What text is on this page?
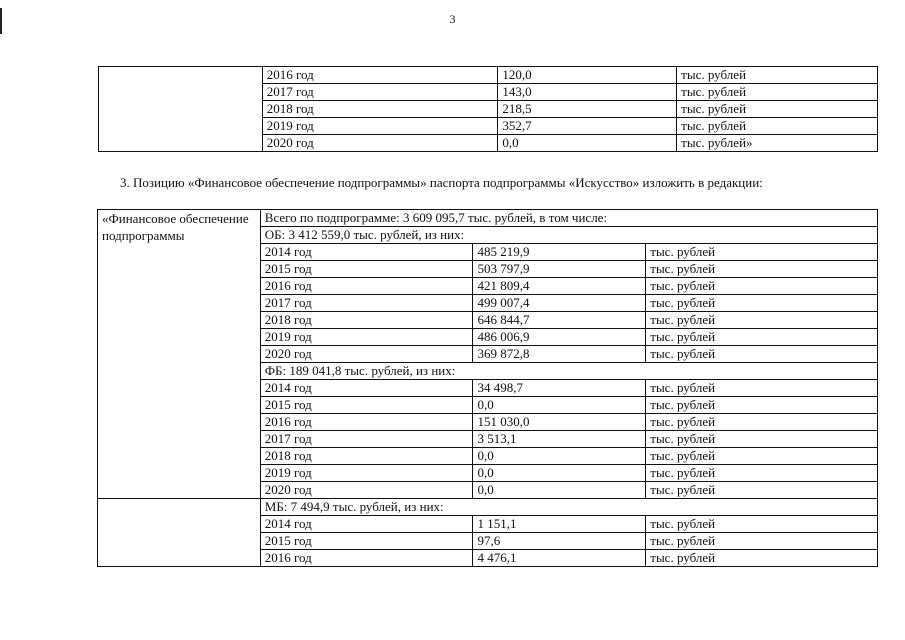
3
	2016 год	120,0	тыс. рублей
	2017 год	143,0	тыс. рублей
	2018 год	218,5	тыс. рублей
	2019 год	352,7	тыс. рублей
	2020 год	0,0	тыс. рублей»
3. Позицию «Финансовое обеспечение подпрограммы» паспорта подпрограммы «Искусство» изложить в редакции:
«Финансовое обеспечение подпрограммы	Всего по подпрограмме: 3 609 095,7 тыс. рублей, в том числе:		
	ОБ: 3 412 559,0 тыс. рублей, из них:		
	2014 год	485 219,9	тыс. рублей
	2015 год	503 797,9	тыс. рублей
	2016 год	421 809,4	тыс. рублей
	2017 год	499 007,4	тыс. рублей
	2018 год	646 844,7	тыс. рублей
	2019 год	486 006,9	тыс. рублей
	2020 год	369 872,8	тыс. рублей
	ФБ: 189 041,8 тыс. рублей, из них:		
	2014 год	34 498,7	тыс. рублей
	2015 год	0,0	тыс. рублей
	2016 год	151 030,0	тыс. рублей
	2017 год	3 513,1	тыс. рублей
	2018 год	0,0	тыс. рублей
	2019 год	0,0	тыс. рублей
	2020 год	0,0	тыс. рублей
	МБ: 7 494,9 тыс. рублей, из них:		
	2014 год	1 151,1	тыс. рублей
	2015 год	97,6	тыс. рублей
	2016 год	4 476,1	тыс. рублей
